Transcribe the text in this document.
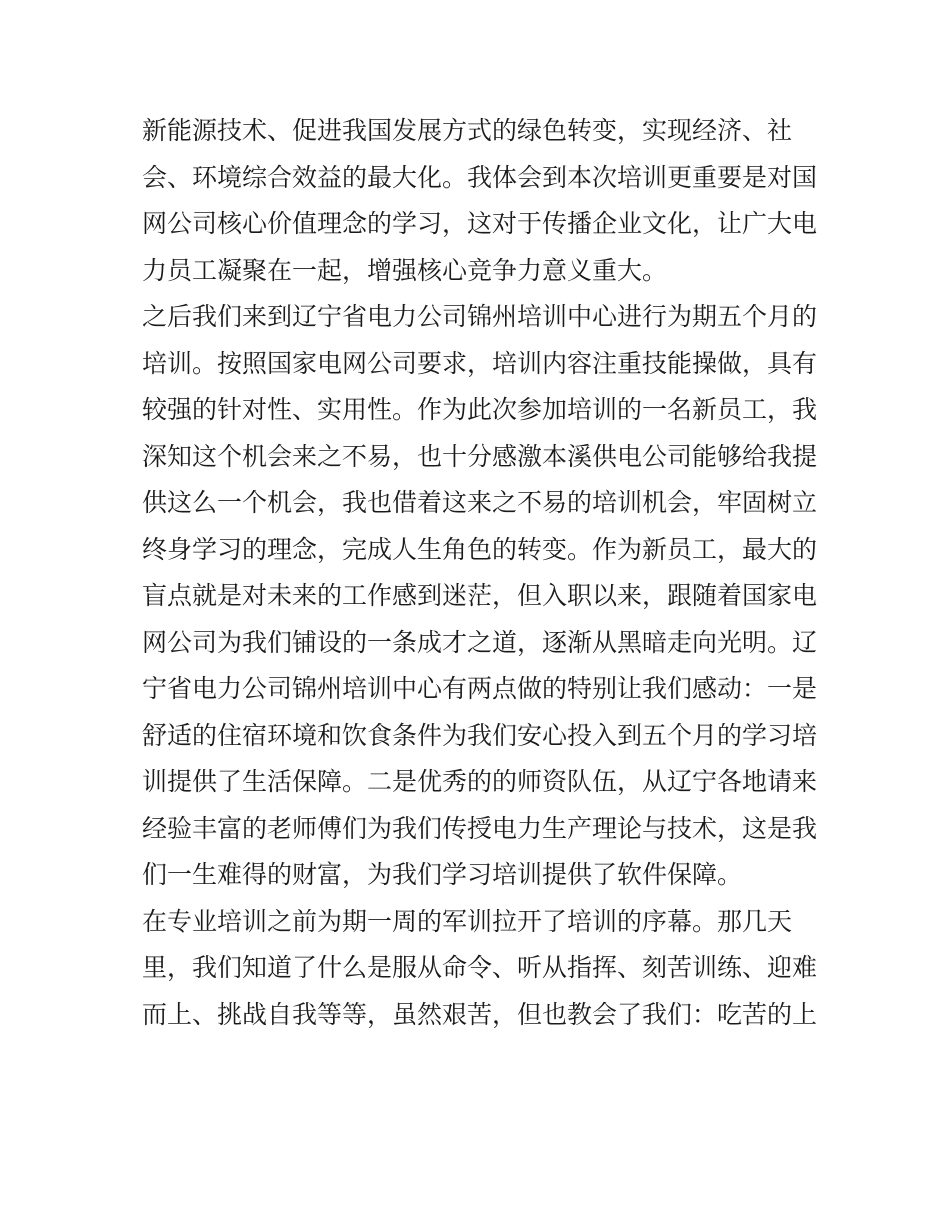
新能源技术、促进我国发展方式的绿色转变，实现经济、社
会、环境综合效益的最大化。我体会到本次培训更重要是对国
网公司核心价值理念的学习，这对于传播企业文化，让广大电
力员工凝聚在一起，增强核心竞争力意义重大。
之后我们来到辽宁省电力公司锦州培训中心进行为期五个月的
培训。按照国家电网公司要求，培训内容注重技能操做，具有
较强的针对性、实用性。作为此次参加培训的一名新员工，我
深知这个机会来之不易，也十分感激本溪供电公司能够给我提
供这么一个机会，我也借着这来之不易的培训机会，牢固树立
终身学习的理念，完成人生角色的转变。作为新员工，最大的
盲点就是对未来的工作感到迷茫，但入职以来，跟随着国家电
网公司为我们铺设的一条成才之道，逐渐从黑暗走向光明。辽
宁省电力公司锦州培训中心有两点做的特别让我们感动：一是
舒适的住宿环境和饮食条件为我们安心投入到五个月的学习培
训提供了生活保障。二是优秀的的师资队伍，从辽宁各地请来
经验丰富的老师傅们为我们传授电力生产理论与技术，这是我
们一生难得的财富，为我们学习培训提供了软件保障。
在专业培训之前为期一周的军训拉开了培训的序幕。那几天
里，我们知道了什么是服从命令、听从指挥、刻苦训练、迎难
而上、挑战自我等等，虽然艰苦，但也教会了我们：吃苦的上
